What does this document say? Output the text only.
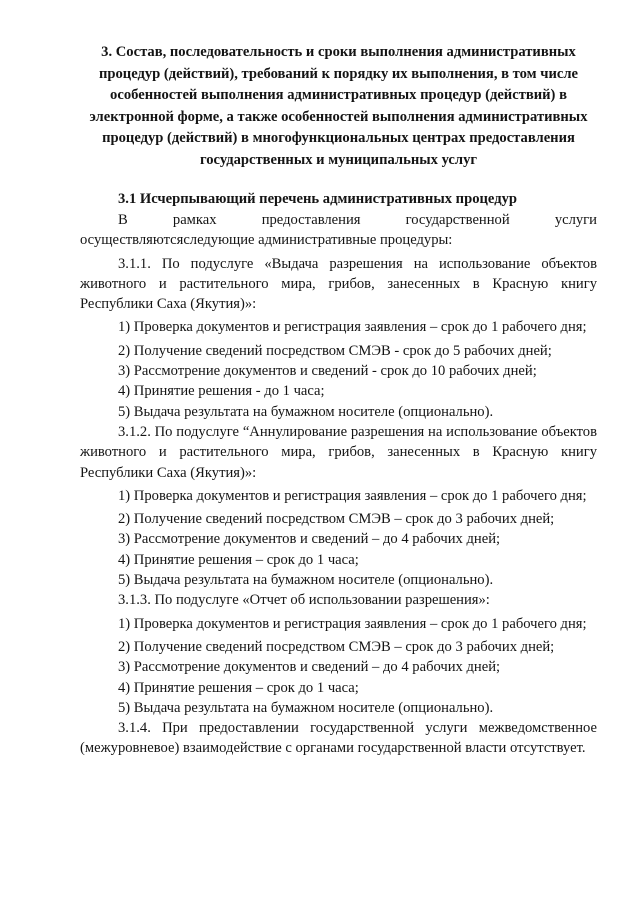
3. Состав, последовательность и сроки выполнения административных
процедур (действий), требований к порядку их выполнения, в том числе
особенностей выполнения административных процедур (действий) в
электронной форме, а также особенностей выполнения административных
процедур (действий) в многофункциональных центрах предоставления
государственных и муниципальных услуг
3.1 Исчерпывающий перечень административных процедур
В	рамках	предоставления	государственной	услуги

осуществляютсяследующие административные процедуры:

3.1.1. По подуслуге «Выдача разрешения на использование объектов животного и растительного мира, грибов, занесенных в Красную книгу Республики Саха (Якутия)»:

1) Проверка документов и регистрация заявления – срок до 1 рабочего дня;

2) Получение сведений посредством СМЭВ - срок до 5 рабочих дней;

3) Рассмотрение документов и сведений - срок до 10 рабочих дней;

4) Принятие решения - до 1 часа;

5) Выдача результата на бумажном носителе (опционально).

3.1.2. По подуслуге “Аннулирование разрешения на использование объектов животного и растительного мира, грибов, занесенных в Красную книгу Республики Саха (Якутия)»:

1) Проверка документов и регистрация заявления – срок до 1 рабочего дня;

2) Получение сведений посредством СМЭВ – срок до 3 рабочих дней;

3) Рассмотрение документов и сведений – до 4 рабочих дней;

4) Принятие решения – срок до 1 часа;

5) Выдача результата на бумажном носителе (опционально).

3.1.3. По подуслуге «Отчет об использовании разрешения»:

1) Проверка документов и регистрация заявления – срок до 1 рабочего дня;

2) Получение сведений посредством СМЭВ – срок до 3 рабочих дней;

3) Рассмотрение документов и сведений – до 4 рабочих дней;

4) Принятие решения – срок до 1 часа;

5) Выдача результата на бумажном носителе (опционально).

3.1.4. При предоставлении государственной услуги межведомственное (межуровневое) взаимодействие с органами государственной власти отсутствует.
